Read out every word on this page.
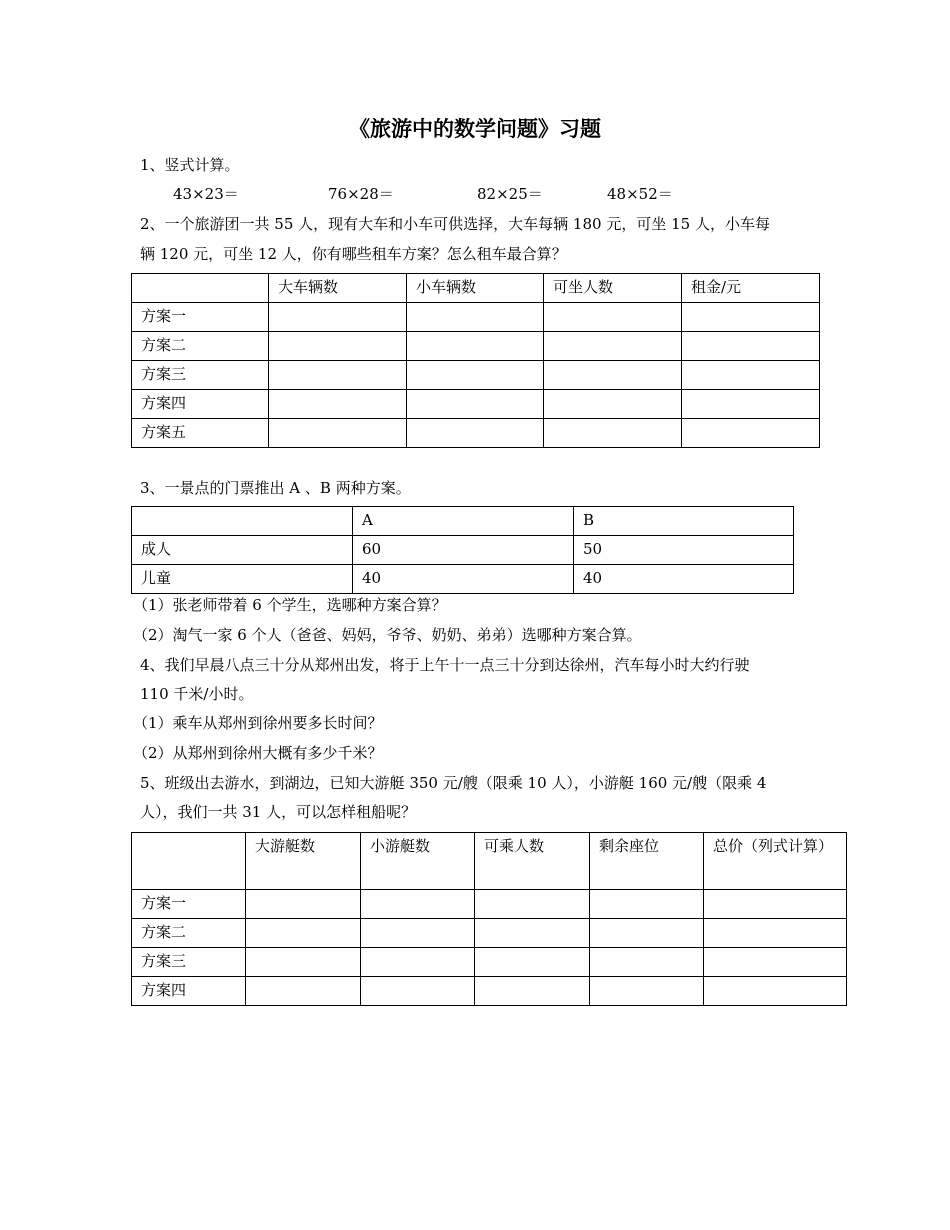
《旅游中的数学问题》习题
1、竖式计算。
43×23＝	76×28＝	82×25＝	48×52＝
2、一个旅游团一共 55 人，现有大车和小车可供选择，大车每辆 180 元，可坐 15 人，小车每
辆 120 元，可坐 12 人，你有哪些租车方案？怎么租车最合算？

	大车辆数	小车辆数	可坐人数	租金/元

方案一				

方案二				

方案三				

方案四				

方案五				

3、一景点的门票推出 A 、B 两种方案。

	A	B

成人	60	50

儿童	40	40
（1）张老师带着 6 个学生，选哪种方案合算？
（2）淘气一家 6 个人（爸爸、妈妈，爷爷、奶奶、弟弟）选哪种方案合算。
4、我们早晨八点三十分从郑州出发，将于上午十一点三十分到达徐州，汽车每小时大约行驶
110 千米/小时。
（1）乘车从郑州到徐州要多长时间？
（2）从郑州到徐州大概有多少千米？
5、班级出去游水，到湖边，已知大游艇 350 元/艘（限乘 10 人），小游艇 160 元/艘（限乘 4
人），我们一共 31 人，可以怎样租船呢？

	大游艇数	小游艇数	可乘人数	剩余座位	总价（列式计算）

方案一					

方案二					

方案三					

方案四					
